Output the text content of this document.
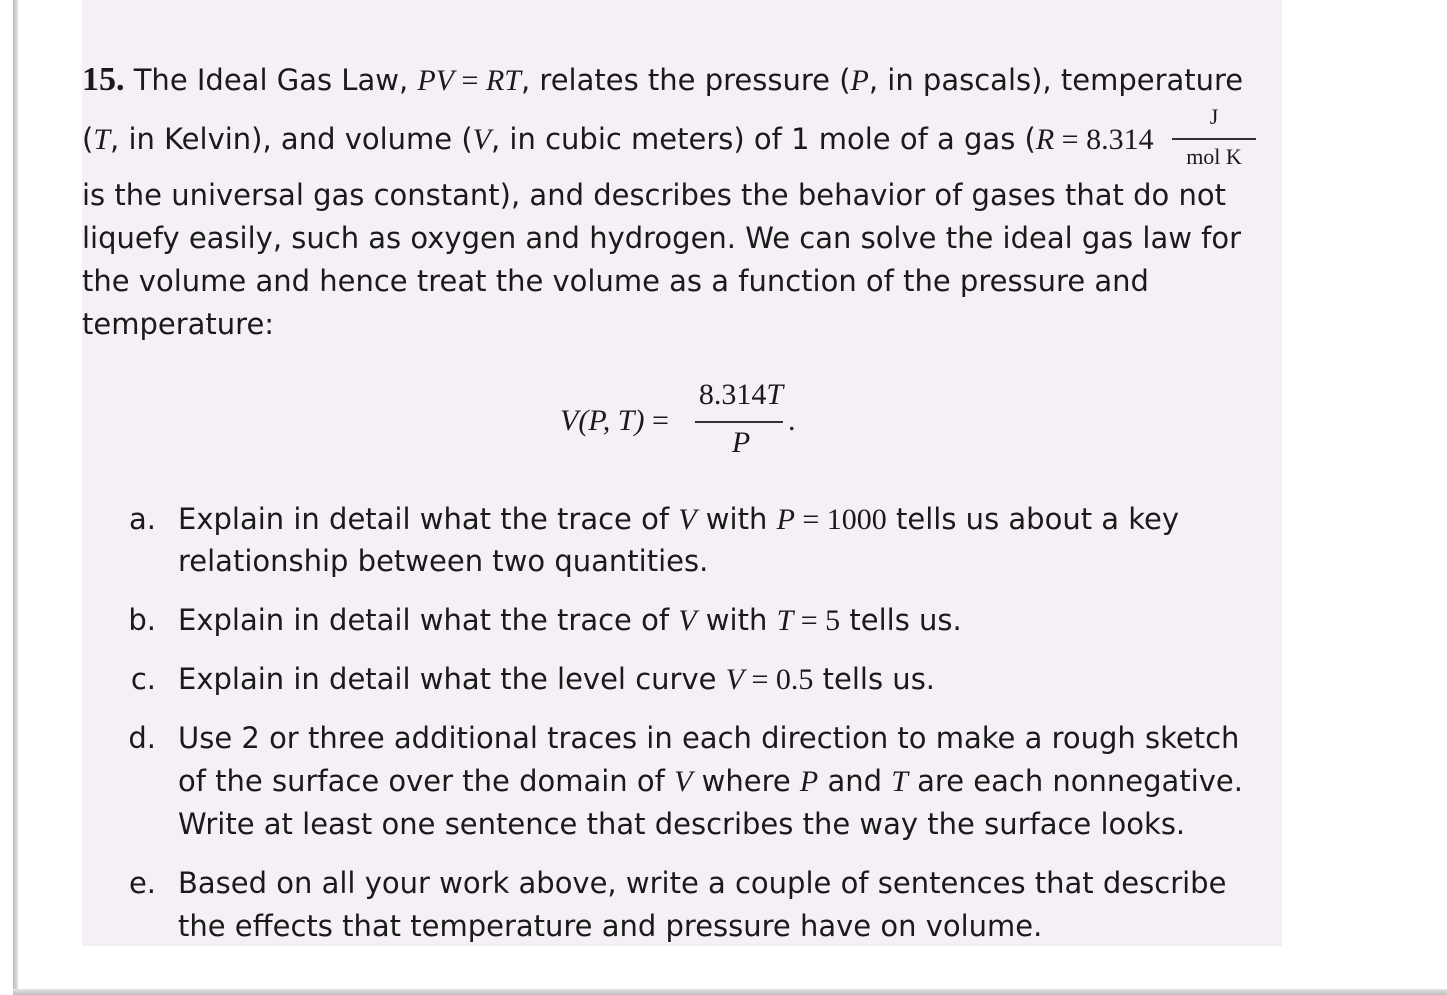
15. The Ideal Gas Law, PV = RT, relates the pressure (P, in pascals), temperature
(T, in Kelvin), and volume (V, in cubic meters) of 1 mole of a gas (R = 8.314
J
mol K
is the universal gas constant), and describes the behavior of gases that do not
liquefy easily, such as oxygen and hydrogen. We can solve the ideal gas law for
the volume and hence treat the volume as a function of the pressure and
temperature:
V(P, T) =
8.314T
P
.
a. Explain in detail what the trace of V with P = 1000 tells us about a key
relationship between two quantities.
b. Explain in detail what the trace of V with T = 5 tells us.
c. Explain in detail what the level curve V = 0.5 tells us.
d. Use 2 or three additional traces in each direction to make a rough sketch
of the surface over the domain of V where P and T are each nonnegative.
Write at least one sentence that describes the way the surface looks.
e. Based on all your work above, write a couple of sentences that describe
the effects that temperature and pressure have on volume.
